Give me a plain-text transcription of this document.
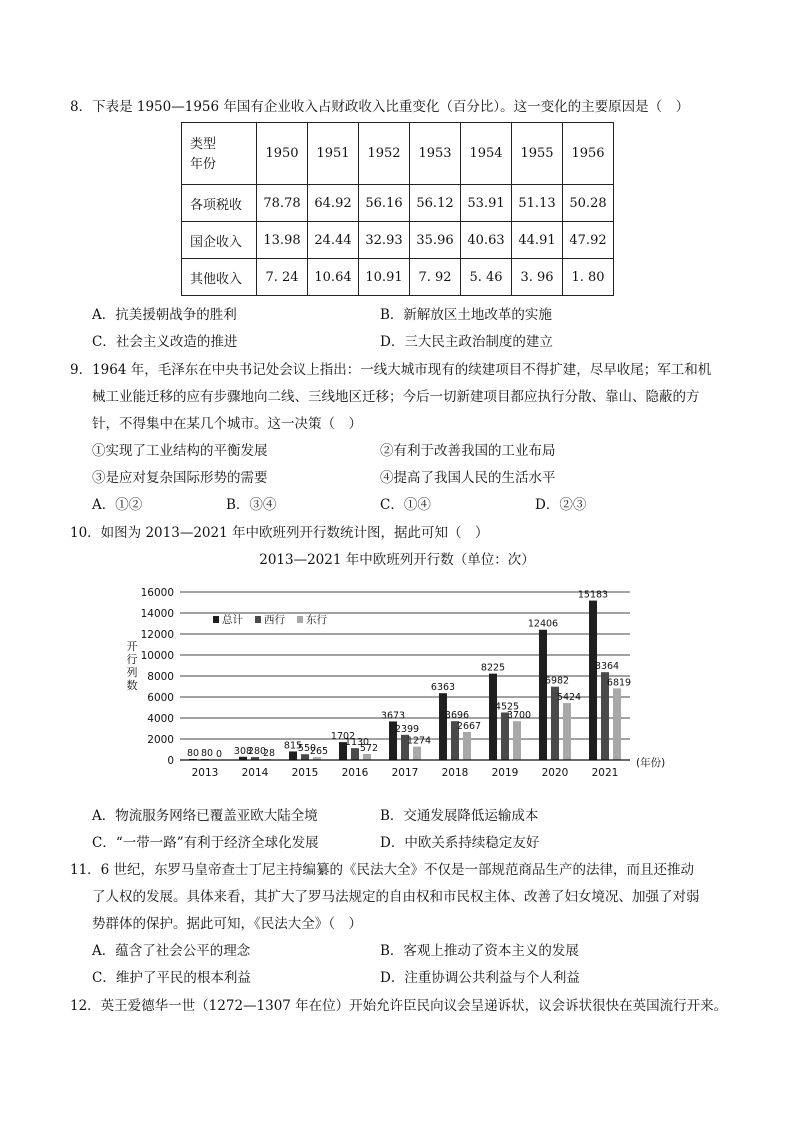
8．下表是 1950—1956 年国有企业收入占财政收入比重变化（百分比）。这一变化的主要原因是（　）
类型
年份	1950	1951	1952	1953	1954	1955	1956
各项税收	78.78	64.92	56.16	56.12	53.91	51.13	50.28
国企收入	13.98	24.44	32.93	35.96	40.63	44.91	47.92
其他收入	7. 24	10.64	10.91	7. 92	5. 46	3. 96	1. 80
A．抗美援朝战争的胜利	B．新解放区土地改革的实施
C．社会主义改造的推进	D．三大民主政治制度的建立
9．1964 年，毛泽东在中央书记处会议上指出：一线大城市现有的续建项目不得扩建，尽早收尾；军工和机
械工业能迁移的应有步骤地向二线、三线地区迁移；今后一切新建项目都应执行分散、靠山、隐蔽的方
针，不得集中在某几个城市。这一决策（　）
①实现了工业结构的平衡发展	②有利于改善我国的工业布局
③是应对复杂国际形势的需要	④提高了我国人民的生活水平
A．①②	B．③④	C．①④	D．②③
10．如图为 2013—2021 年中欧班列开行数统计图，据此可知（　）
2013—2021 年中欧班列开行数（单位：次）
80 80 0 308
280
28
815
550
265
1702
1130
572
3673
2399
1274
6363
3696
2667
8225
4525
3700
12406
6982
5424
15183
8364
6819
0
2000
4000
6000
8000
10000
12000
14000
16000
开
行
列
数
(年份)
2013 2014 2015 2016 2017 2018 2019 2020 2021
总计 西行 东行
A．物流服务网络已覆盖亚欧大陆全境	B．交通发展降低运输成本
C．“一带一路”有利于经济全球化发展	D．中欧关系持续稳定友好
11．6 世纪，东罗马皇帝查士丁尼主持编纂的《民法大全》不仅是一部规范商品生产的法律，而且还推动
了人权的发展。具体来看，其扩大了罗马法规定的自由权和市民权主体、改善了妇女境况、加强了对弱
势群体的保护。据此可知，《民法大全》（　）
A．蕴含了社会公平的理念	B．客观上推动了资本主义的发展
C．维护了平民的根本利益	D．注重协调公共利益与个人利益
12．英王爱德华一世（1272—1307 年在位）开始允许臣民向议会呈递诉状，议会诉状很快在英国流行开来。
